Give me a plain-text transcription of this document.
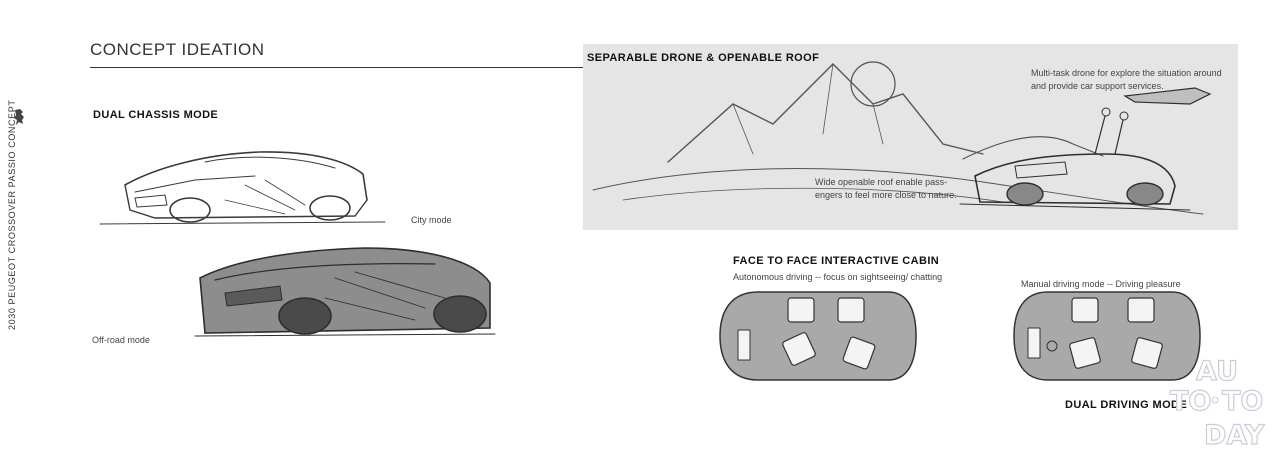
CONCEPT IDEATION
2030 PEUGEOT CROSSOVER PASSIO CONCEPT	DUAL CHASSIS MODE
City mode
Off-road mode
SEPARABLE DRONE & OPENABLE ROOF
Multi-task drone for explore the situation around
and provide car support services.
Wide openable roof enable pass-
engers to feel more close to nature.
FACE TO FACE INTERACTIVE CABIN
Autonomous driving -- focus on sightseeing/ chatting
Manual driving mode -- Driving pleasure
DUAL DRIVING MODE
AU
TO TO
DAY
